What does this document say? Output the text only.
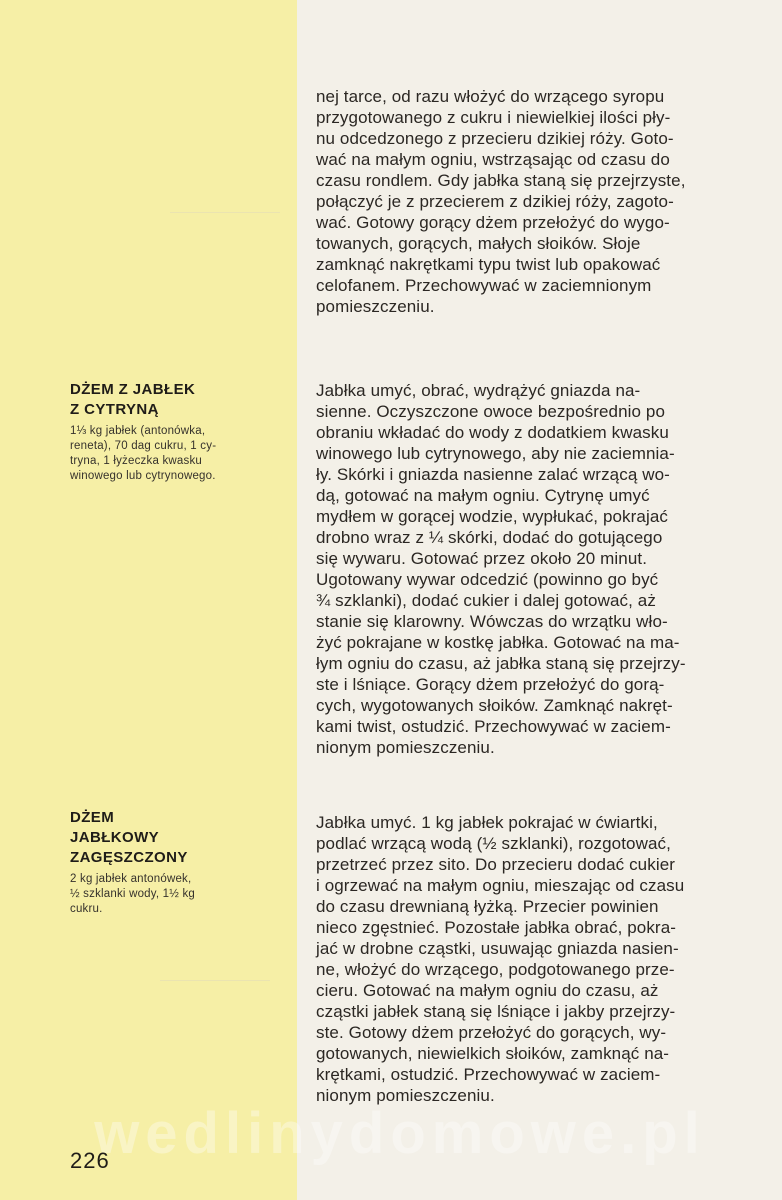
DŻEM Z JABŁEK
Z CYTRYNĄ

1⅓ kg jabłek (antonówka,
reneta), 70 dag cukru, 1 cy-
tryna, 1 łyżeczka kwasku
winowego lub cytrynowego.

DŻEM
JABŁKOWY
ZAGĘSZCZONY

2 kg jabłek antonówek,
½ szklanki wody, 1½ kg
cukru.

nej tarce, od razu włożyć do wrzącego syropu
przygotowanego z cukru i niewielkiej ilości pły-
nu odcedzonego z przecieru dzikiej róży. Goto-
wać na małym ogniu, wstrząsając od czasu do
czasu rondlem. Gdy jabłka staną się przejrzyste,
połączyć je z przecierem z dzikiej róży, zagoto-
wać. Gotowy gorący dżem przełożyć do wygo-
towanych, gorących, małych słoików. Słoje
zamknąć nakrętkami typu twist lub opakować
celofanem. Przechowywać w zaciemnionym
pomieszczeniu.

Jabłka umyć, obrać, wydrążyć gniazda na-
sienne. Oczyszczone owoce bezpośrednio po
obraniu wkładać do wody z dodatkiem kwasku
winowego lub cytrynowego, aby nie zaciemnia-
ły. Skórki i gniazda nasienne zalać wrzącą wo-
dą, gotować na małym ogniu. Cytrynę umyć
mydłem w gorącej wodzie, wypłukać, pokrajać
drobno wraz z ¼ skórki, dodać do gotującego
się wywaru. Gotować przez około 20 minut.
Ugotowany wywar odcedzić (powinno go być
¾ szklanki), dodać cukier i dalej gotować, aż
stanie się klarowny. Wówczas do wrzątku wło-
żyć pokrajane w kostkę jabłka. Gotować na ma-
łym ogniu do czasu, aż jabłka staną się przejrzy-
ste i lśniące. Gorący dżem przełożyć do gorą-
cych, wygotowanych słoików. Zamknąć nakręt-
kami twist, ostudzić. Przechowywać w zaciem-
nionym pomieszczeniu.

Jabłka umyć. 1 kg jabłek pokrajać w ćwiartki,
podlać wrzącą wodą (½ szklanki), rozgotować,
przetrzeć przez sito. Do przecieru dodać cukier
i ogrzewać na małym ogniu, mieszając od czasu
do czasu drewnianą łyżką. Przecier powinien
nieco zgęstnieć. Pozostałe jabłka obrać, pokra-
jać w drobne cząstki, usuwając gniazda nasien-
ne, włożyć do wrzącego, podgotowanego prze-
cieru. Gotować na małym ogniu do czasu, aż
cząstki jabłek staną się lśniące i jakby przejrzy-
ste. Gotowy dżem przełożyć do gorących, wy-
gotowanych, niewielkich słoików, zamknąć na-
krętkami, ostudzić. Przechowywać w zaciem-
nionym pomieszczeniu.

wedlinydomowe.pl
226
